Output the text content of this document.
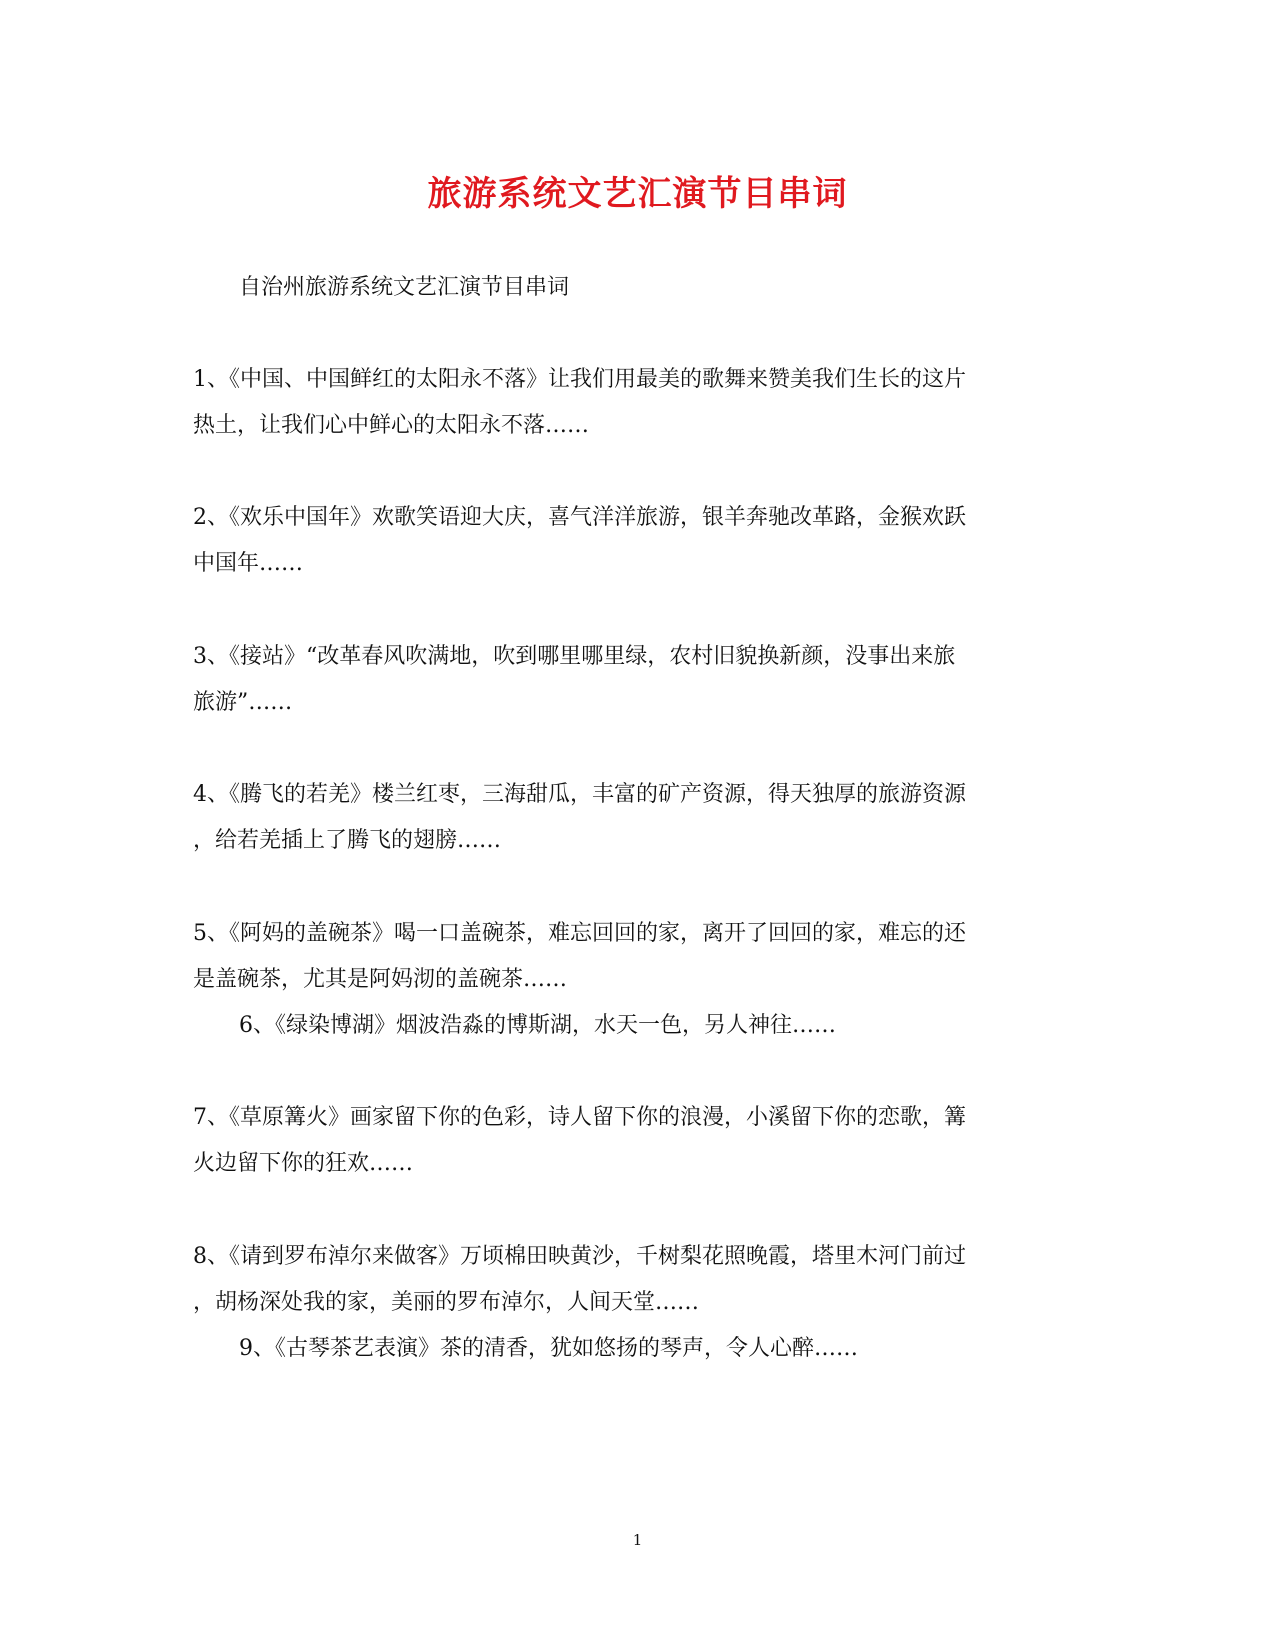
旅游系统文艺汇演节目串词
自治州旅游系统文艺汇演节目串词
1、《中国、中国鲜红的太阳永不落》让我们用最美的歌舞来赞美我们生长的这片
热土，让我们心中鲜心的太阳永不落……
2、《欢乐中国年》欢歌笑语迎大庆，喜气洋洋旅游，银羊奔驰改革路，金猴欢跃
中国年……
3、《接站》“改革春风吹满地，吹到哪里哪里绿，农村旧貌换新颜，没事出来旅
旅游”……
4、《腾飞的若羌》楼兰红枣，三海甜瓜，丰富的矿产资源，得天独厚的旅游资源
，给若羌插上了腾飞的翅膀……
5、《阿妈的盖碗茶》喝一口盖碗茶，难忘回回的家，离开了回回的家，难忘的还
是盖碗茶，尤其是阿妈沏的盖碗茶……
6、《绿染博湖》烟波浩淼的博斯湖，水天一色，另人神往……
7、《草原篝火》画家留下你的色彩，诗人留下你的浪漫，小溪留下你的恋歌，篝
火边留下你的狂欢……
8、《请到罗布淖尔来做客》万顷棉田映黄沙，千树梨花照晚霞，塔里木河门前过
，胡杨深处我的家，美丽的罗布淖尔，人间天堂……
9、《古琴茶艺表演》茶的清香，犹如悠扬的琴声，令人心醉……
1
